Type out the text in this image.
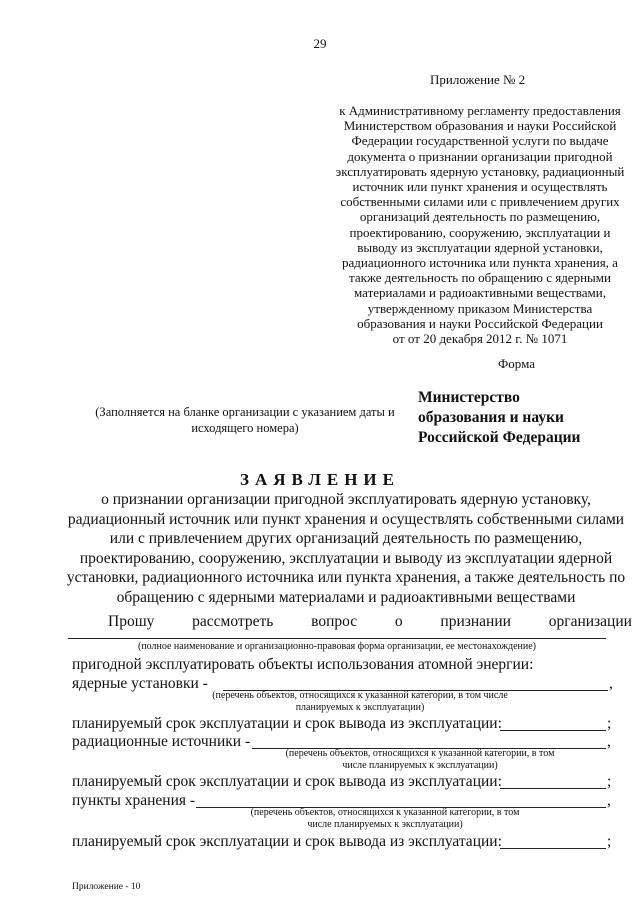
29
Приложение № 2
к Административному регламенту предоставления
Министерством образования и науки Российской
Федерации государственной услуги по выдаче
документа о признании организации пригодной
эксплуатировать ядерную установку, радиационный
источник или пункт хранения и осуществлять
собственными силами или с привлечением других
организаций деятельность по размещению,
проектированию, сооружению, эксплуатации и
выводу из эксплуатации ядерной установки,
радиационного источника или пункта хранения, а
также деятельность по обращению с ядерными
материалами и радиоактивными веществами,
утвержденному приказом Министерства
образования и науки Российской Федерации
от от 20 декабря 2012 г. № 1071
Форма
(Заполняется на бланке организации с указанием даты и исходящего номера)
Министерство
образования и науки
Российской Федерации
ЗАЯВЛЕНИЕ
о признании организации пригодной эксплуатировать ядерную установку,
радиационный источник или пункт хранения и осуществлять собственными силами
или с привлечением других организаций деятельность по размещению,
проектированию, сооружению, эксплуатации и выводу из эксплуатации ядерной
установки, радиационного источника или пункта хранения, а также деятельность по
обращению с ядерными материалами и радиоактивными веществами
Прошу рассмотреть вопрос о признании организации
(полное наименование и организационно-правовая форма организации, ее местонахождение)
пригодной эксплуатировать объекты использования атомной энергии:
ядерные установки -	,
(перечень объектов, относящихся к указанной категории, в том числе
планируемых к эксплуатации)
планируемый срок эксплуатации и срок вывода из эксплуатации:	;
радиационные источники -	,
(перечень объектов, относящихся к указанной категории, в том
числе планируемых к эксплуатации)
планируемый срок эксплуатации и срок вывода из эксплуатации:	;
пункты хранения -	,
(перечень объектов, относящихся к указанной категории, в том
числе планируемых к эксплуатации)
планируемый срок эксплуатации и срок вывода из эксплуатации:	;
Приложение - 10
